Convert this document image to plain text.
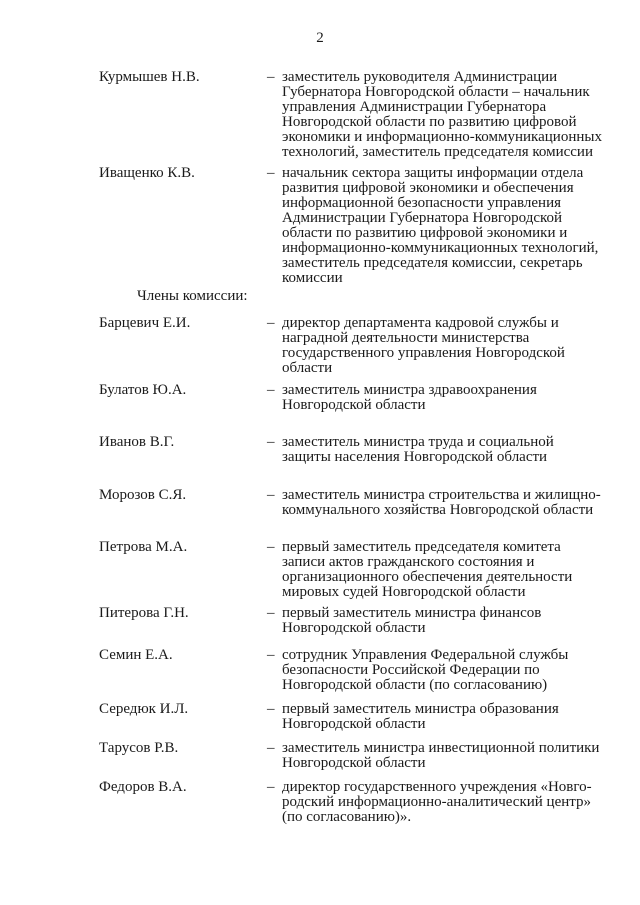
2
Курмышев Н.В.	– заместитель руководителя Администрации
Губернатора Новгородской области – начальник
управления Администрации Губернатора
Новгородской области по развитию цифровой
экономики и информационно-коммуникационных
технологий, заместитель председателя комиссии
Иващенко К.В.	– начальник сектора защиты информации отдела
развития цифровой экономики и обеспечения
информационной безопасности управления
Администрации Губернатора Новгородской
области по развитию цифровой экономики и
информационно-коммуникационных технологий,
заместитель председателя комиссии, секретарь
комиссии
Члены комиссии:
Барцевич Е.И.	– директор департамента кадровой службы и
наградной деятельности министерства
государственного управления Новгородской
области
Булатов Ю.А.	– заместитель министра здравоохранения
Новгородской области
Иванов В.Г.	– заместитель министра труда и социальной
защиты населения Новгородской области
Морозов С.Я.	– заместитель министра строительства и жилищно-
коммунального хозяйства Новгородской области
Петрова М.А.	– первый заместитель председателя комитета
записи актов гражданского состояния и
организационного обеспечения деятельности
мировых судей Новгородской области
Питерова Г.Н.	– первый заместитель министра финансов
Новгородской области
Семин Е.А.	– сотрудник Управления Федеральной службы
безопасности Российской Федерации по
Новгородской области (по согласованию)
Середюк И.Л.	– первый заместитель министра образования
Новгородской области
Тарусов Р.В.	– заместитель министра инвестиционной политики
Новгородской области
Федоров В.А.	– директор государственного учреждения «Новго-
родский информационно-аналитический центр»
(по согласованию)».
